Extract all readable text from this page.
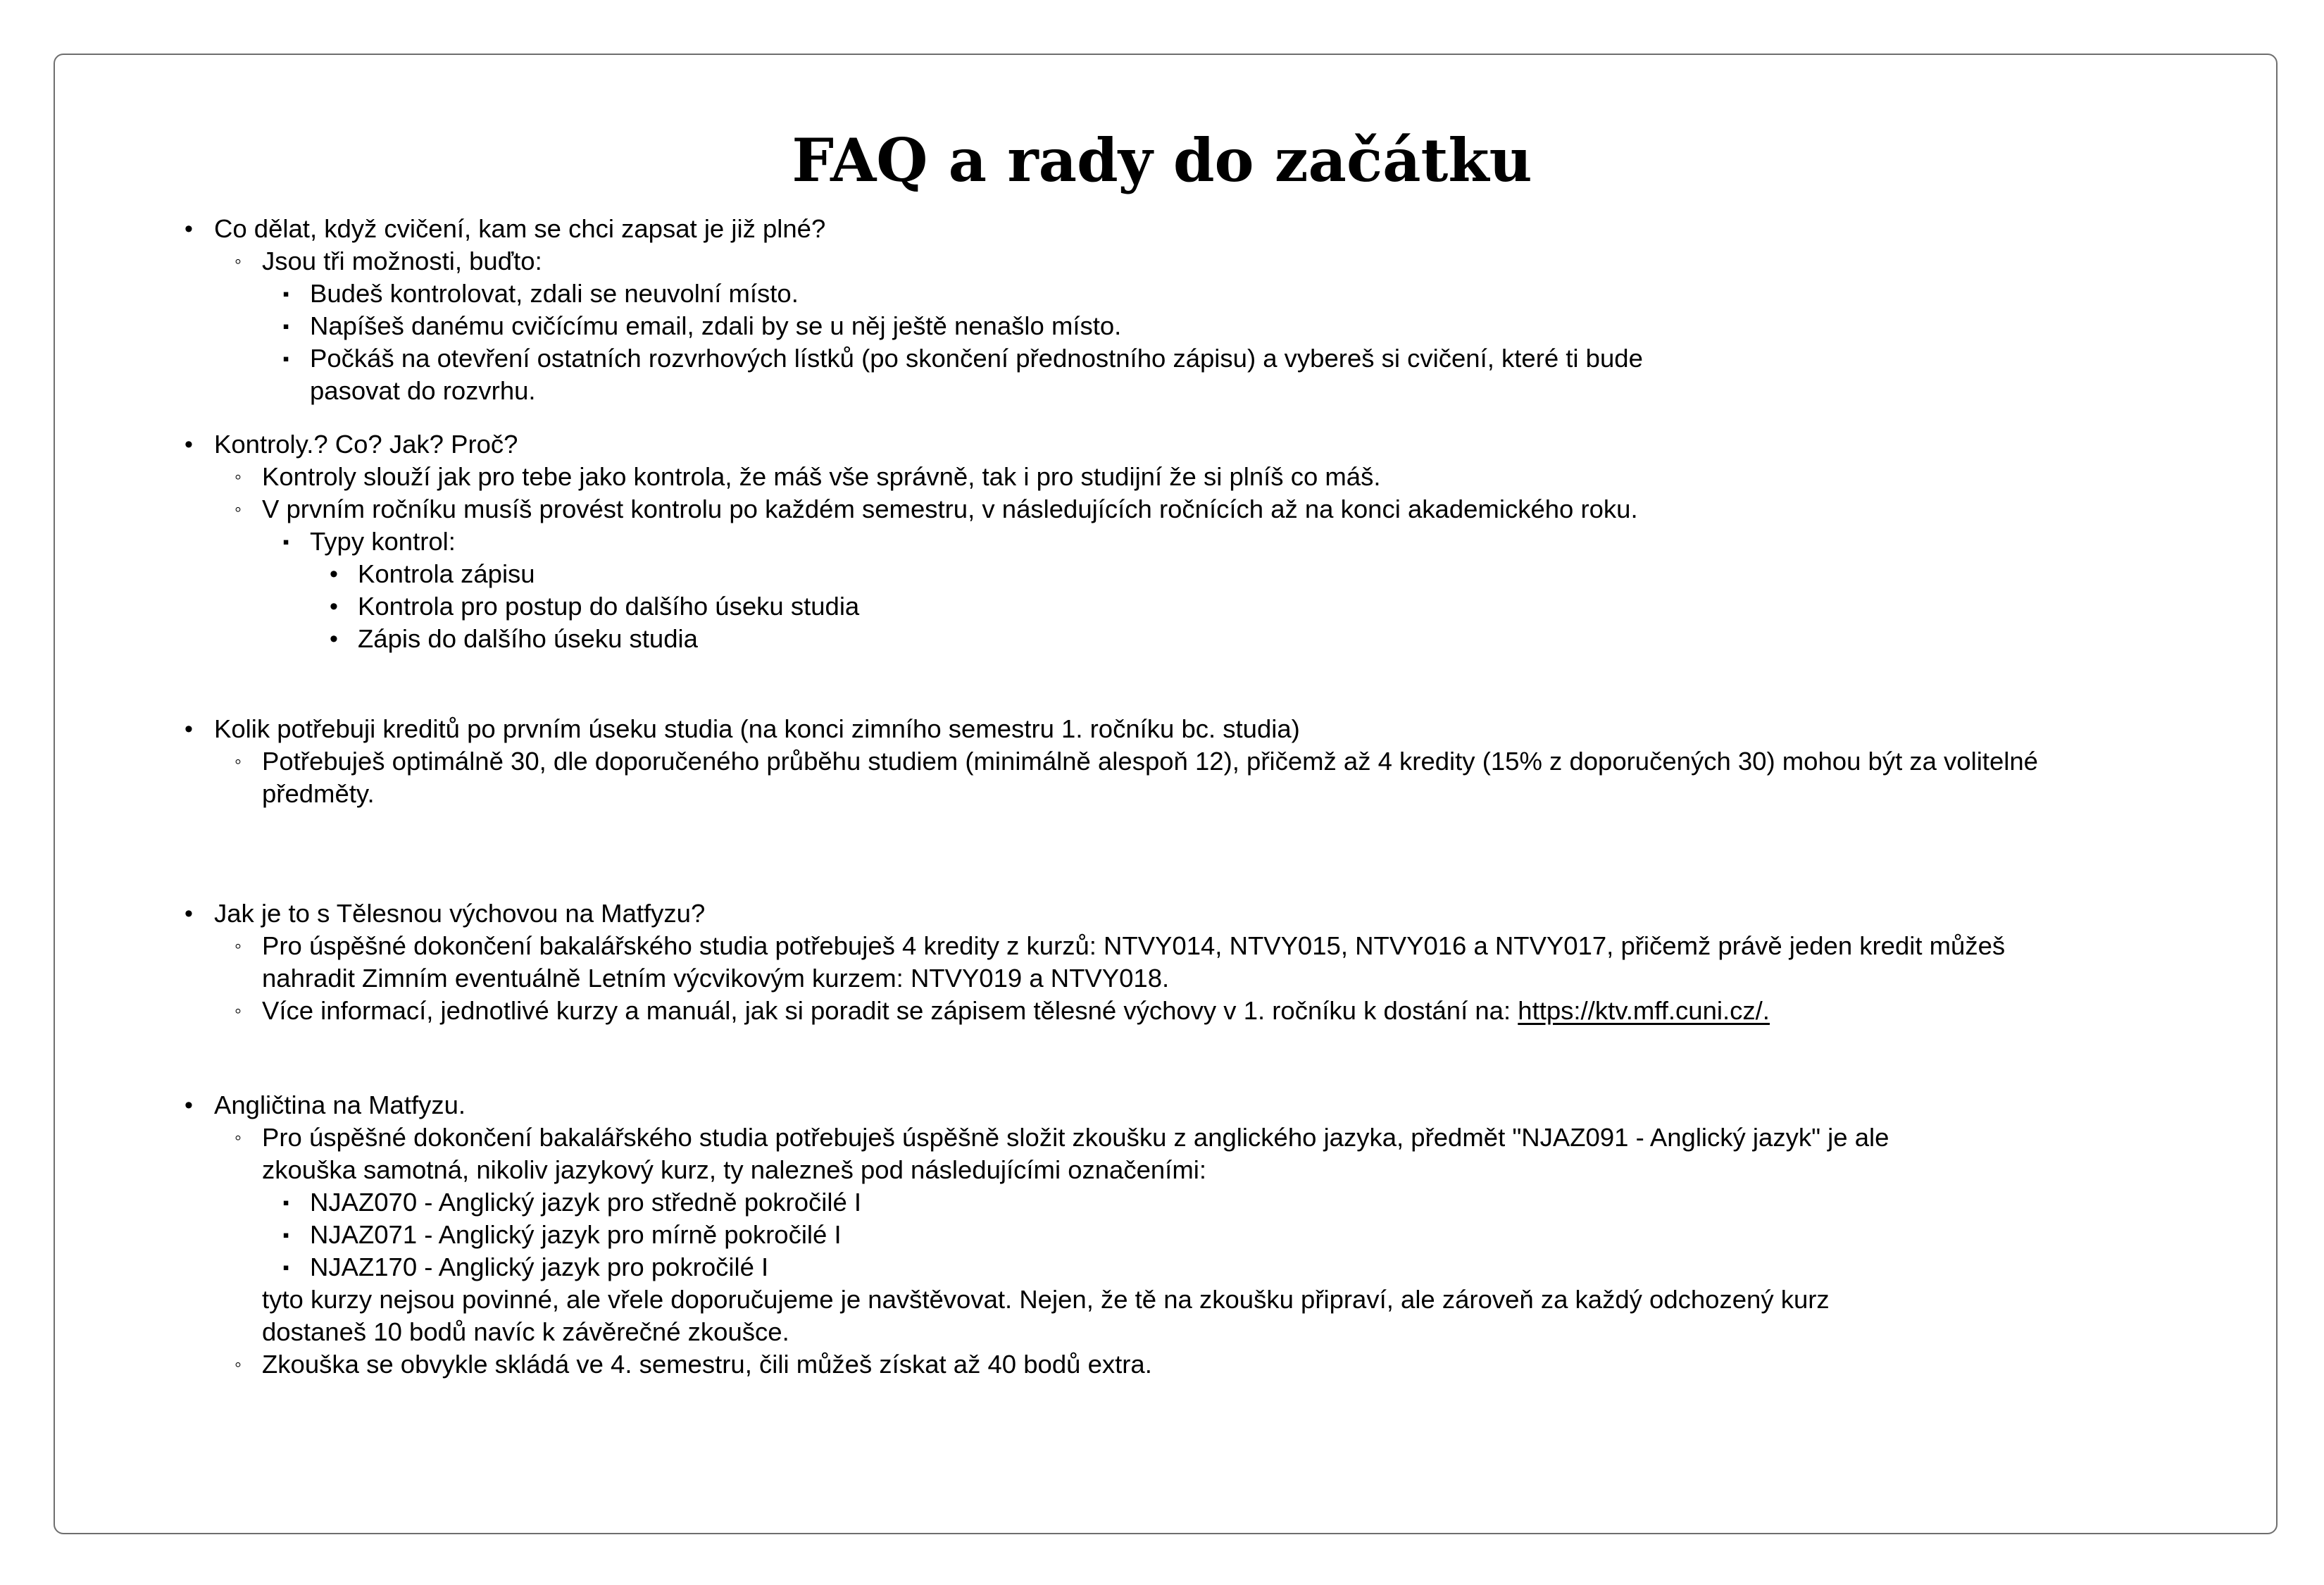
FAQ a rady do začátku
• Co dělat, když cvičení, kam se chci zapsat je již plné?
◦ Jsou tři možnosti, buďto:
▪ Budeš kontrolovat, zdali se neuvolní místo.
▪ Napíšeš danému cvičícímu email, zdali by se u něj ještě nenašlo místo.
▪ Počkáš na otevření ostatních rozvrhových lístků (po skončení přednostního zápisu) a vybereš si cvičení, které ti bude
pasovat do rozvrhu.
• Kontroly.? Co? Jak? Proč?
◦ Kontroly slouží jak pro tebe jako kontrola, že máš vše správně, tak i pro studijní že si plníš co máš.
◦ V prvním ročníku musíš provést kontrolu po každém semestru, v následujících ročnících až na konci akademického roku.
▪ Typy kontrol:
• Kontrola zápisu
• Kontrola pro postup do dalšího úseku studia
• Zápis do dalšího úseku studia
• Kolik potřebuji kreditů po prvním úseku studia (na konci zimního semestru 1. ročníku bc. studia)
◦ Potřebuješ optimálně 30, dle doporučeného průběhu studiem (minimálně alespoň 12), přičemž až 4 kredity (15% z doporučených 30) mohou být za volitelné
předměty.
• Jak je to s Tělesnou výchovou na Matfyzu?
◦ Pro úspěšné dokončení bakalářského studia potřebuješ 4 kredity z kurzů: NTVY014, NTVY015, NTVY016 a NTVY017, přičemž právě jeden kredit můžeš
nahradit Zimním eventuálně Letním výcvikovým kurzem: NTVY019 a NTVY018.
◦ Více informací, jednotlivé kurzy a manuál, jak si poradit se zápisem tělesné výchovy v 1. ročníku k dostání na: https://ktv.mff.cuni.cz/.
• Angličtina na Matfyzu.
◦ Pro úspěšné dokončení bakalářského studia potřebuješ úspěšně složit zkoušku z anglického jazyka, předmět "NJAZ091 - Anglický jazyk" je ale
zkouška samotná, nikoliv jazykový kurz, ty nalezneš pod následujícími označeními:
▪ NJAZ070 - Anglický jazyk pro středně pokročilé I
▪ NJAZ071 - Anglický jazyk pro mírně pokročilé I
▪ NJAZ170 - Anglický jazyk pro pokročilé I
tyto kurzy nejsou povinné, ale vřele doporučujeme je navštěvovat. Nejen, že tě na zkoušku připraví, ale zároveň za každý odchozený kurz
dostaneš 10 bodů navíc k závěrečné zkoušce.
◦ Zkouška se obvykle skládá ve 4. semestru, čili můžeš získat až 40 bodů extra.
